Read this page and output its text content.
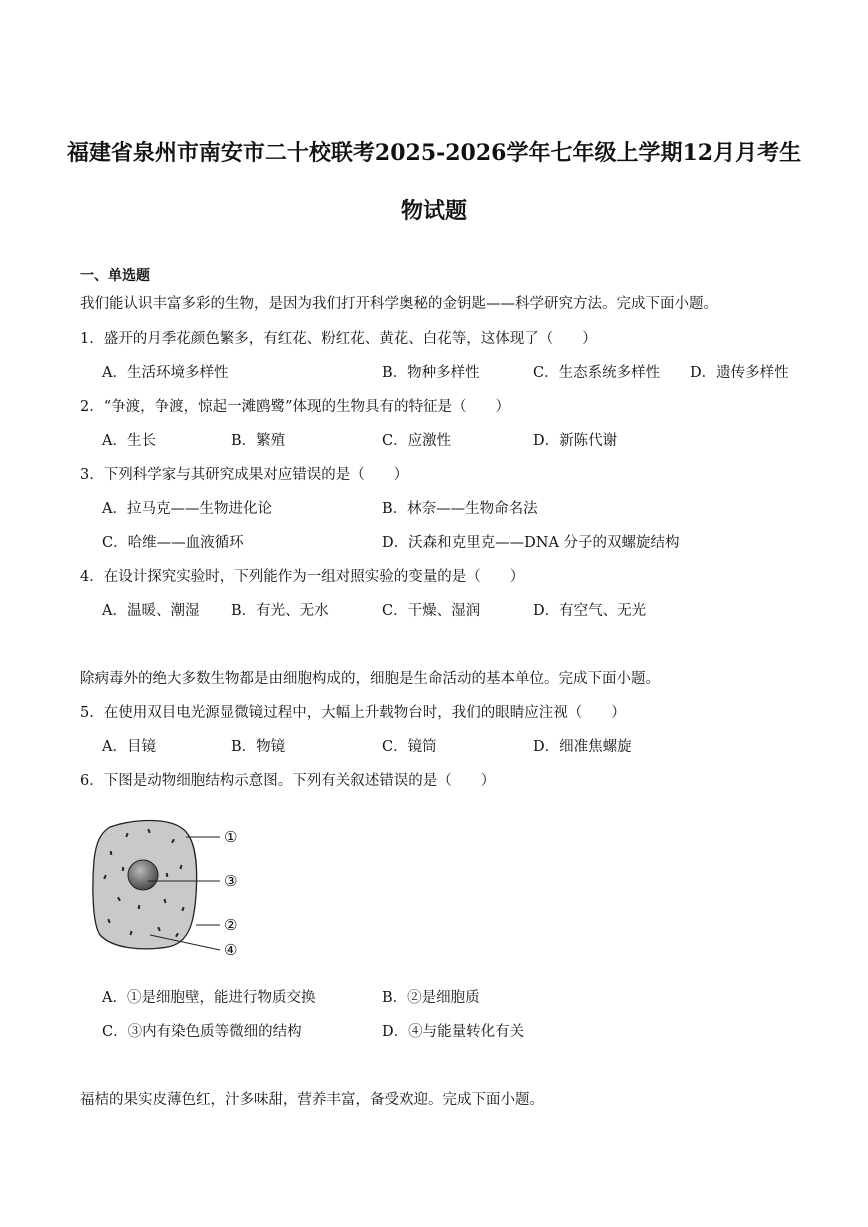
福建省泉州市南安市二十校联考2025-2026学年七年级上学期12月月考生
物试题
一、单选题
我们能认识丰富多彩的生物，是因为我们打开科学奥秘的金钥匙——科学研究方法。完成下面小题。
1．盛开的月季花颜色繁多，有红花、粉红花、黄花、白花等，这体现了（　　）
A．生活环境多样性	B．物种多样性	C．生态系统多样性 D．遗传多样性
2．“争渡，争渡，惊起一滩鸥鹭”体现的生物具有的特征是（　　）
A．生长	B．繁殖	C．应激性	D．新陈代谢
3．下列科学家与其研究成果对应错误的是（　　）
A．拉马克——生物进化论	B．林奈——生物命名法
C．哈维——血液循环	D．沃森和克里克——DNA 分子的双螺旋结构
4．在设计探究实验时，下列能作为一组对照实验的变量的是（　　）
A．温暖、潮湿 B．有光、无水	C．干燥、湿润	D．有空气、无光
除病毒外的绝大多数生物都是由细胞构成的，细胞是生命活动的基本单位。完成下面小题。
5．在使用双目电光源显微镜过程中，大幅上升载物台时，我们的眼睛应注视（　　）
A．目镜	B．物镜	C．镜筒	D．细准焦螺旋
6．下图是动物细胞结构示意图。下列有关叙述错误的是（　　）
①
③
②
④
A．①是细胞壁，能进行物质交换	B．②是细胞质
C．③内有染色质等微细的结构	D．④与能量转化有关
福桔的果实皮薄色红，汁多味甜，营养丰富，备受欢迎。完成下面小题。
